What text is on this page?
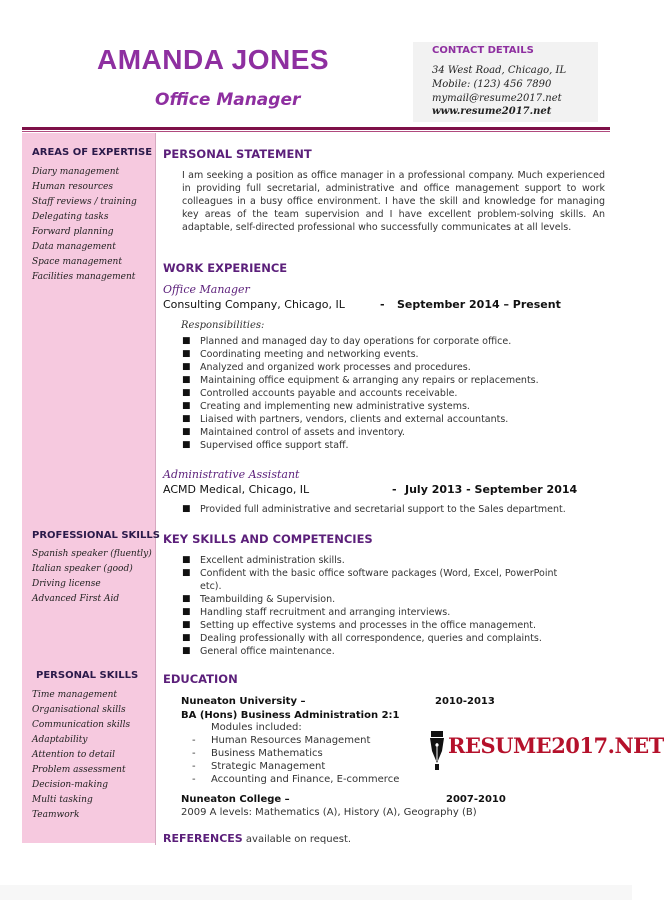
AMANDA JONES
Office Manager
CONTACT DETAILS
34 West Road, Chicago, IL
Mobile: (123) 456 7890
mymail@resume2017.net
www.resume2017.net
AREAS OF EXPERTISE
Diary management
Human resources
Staff reviews / training
Delegating tasks
Forward planning
Data management
Space management
Facilities management
PROFESSIONAL SKILLS
Spanish speaker (fluently)
Italian speaker (good)
Driving license
Advanced First Aid
PERSONAL SKILLS
Time management
Organisational skills
Communication skills
Adaptability
Attention to detail
Problem assessment
Decision-making
Multi tasking
Teamwork
PERSONAL STATEMENT
I am seeking a position as office manager in a professional company. Much experienced in providing full secretarial, administrative and office management support to work colleagues in a busy office environment. I have the skill and knowledge for managing key areas of the team supervision and I have excellent problem-solving skills. An adaptable, self-directed professional who successfully communicates at all levels.
WORK EXPERIENCE
Office Manager
Consulting Company, Chicago, IL	- September 2014 – Present
Responsibilities:
■ Planned and managed day to day operations for corporate office.
■ Coordinating meeting and networking events.
■ Analyzed and organized work processes and procedures.
■ Maintaining office equipment & arranging any repairs or replacements.
■ Controlled accounts payable and accounts receivable.
■ Creating and implementing new administrative systems.
■ Liaised with partners, vendors, clients and external accountants.
■ Maintained control of assets and inventory.
■ Supervised office support staff.
Administrative Assistant
ACMD Medical, Chicago, IL	- July 2013 - September 2014
■ Provided full administrative and secretarial support to the Sales department.
KEY SKILLS AND COMPETENCIES
■ Excellent administration skills.
■ Confident with the basic office software packages (Word, Excel, PowerPoint
etc).
■ Teambuilding & Supervision.
■ Handling staff recruitment and arranging interviews.
■ Setting up effective systems and processes in the office management.
■ Dealing professionally with all correspondence, queries and complaints.
■ General office maintenance.
EDUCATION
Nuneaton University –	2010-2013
BA (Hons) Business Administration 2:1
Modules included:
- Human Resources Management
- Business Mathematics
- Strategic Management
- Accounting and Finance, E-commerce
Nuneaton College –	2007-2010
2009 A levels: Mathematics (A), History (A), Geography (B)
RESUME2017.NET
REFERENCES available on request.
